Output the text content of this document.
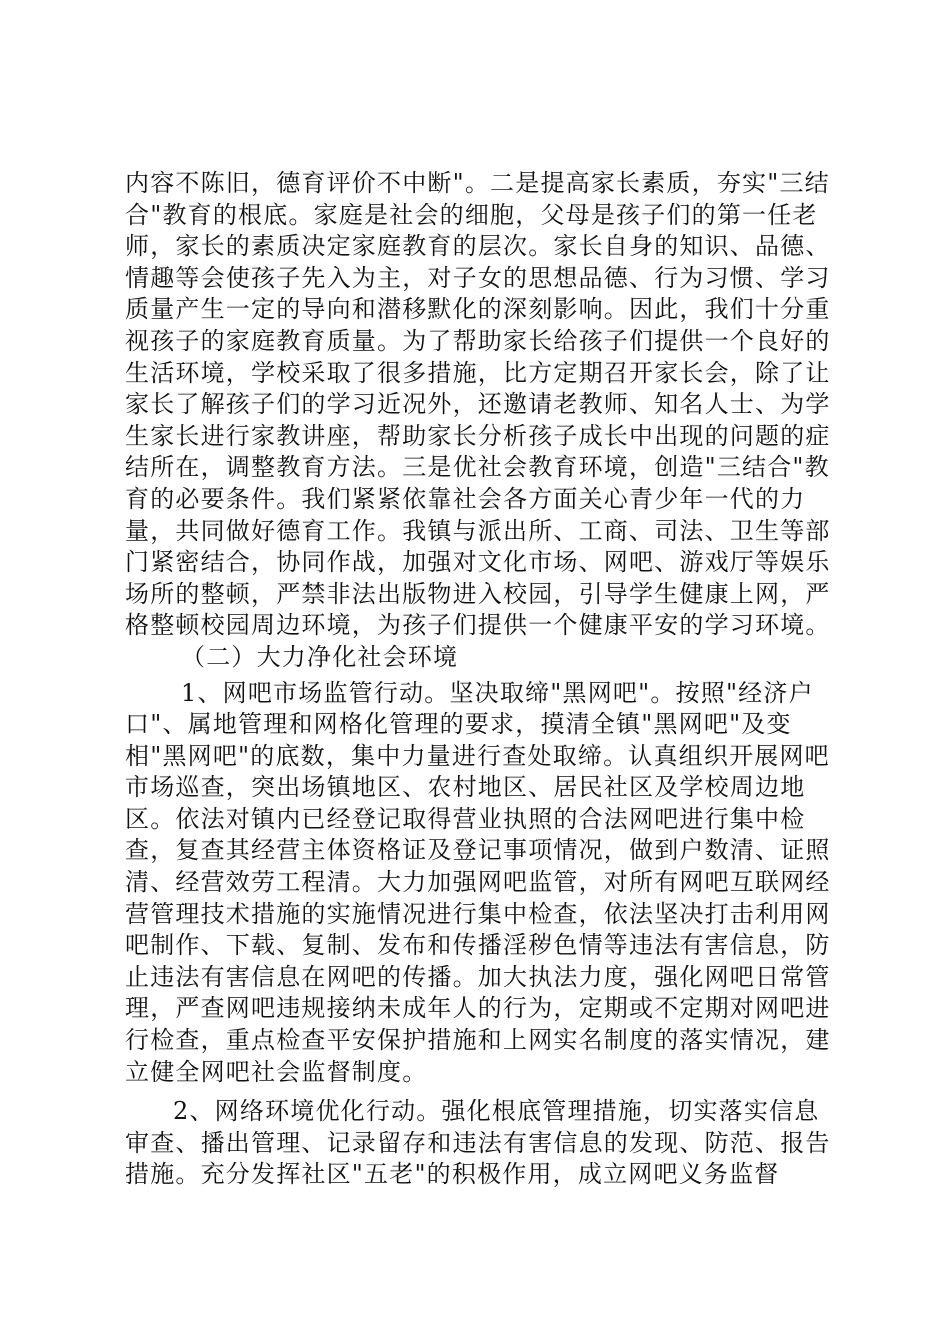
内容不陈旧，德育评价不中断"。二是提高家长素质，夯实"三结合"教育的根底。家庭是社会的细胞，父母是孩子们的第一任老师，家长的素质决定家庭教育的层次。家长自身的知识、品德、情趣等会使孩子先入为主，对子女的思想品德、行为习惯、学习质量产生一定的导向和潜移默化的深刻影响。因此，我们十分重视孩子的家庭教育质量。为了帮助家长给孩子们提供一个良好的生活环境，学校采取了很多措施，比方定期召开家长会，除了让家长了解孩子们的学习近况外，还邀请老教师、知名人士、为学生家长进行家教讲座，帮助家长分析孩子成长中出现的问题的症结所在，调整教育方法。三是优社会教育环境，创造"三结合"教育的必要条件。我们紧紧依靠社会各方面关心青少年一代的力量，共同做好德育工作。我镇与派出所、工商、司法、卫生等部门紧密结合，协同作战，加强对文化市场、网吧、游戏厅等娱乐场所的整顿，严禁非法出版物进入校园，引导学生健康上网，严格整顿校园周边环境，为孩子们提供一个健康平安的学习环境。

（二）大力净化社会环境

1、网吧市场监管行动。坚决取缔"黑网吧"。按照"经济户口"、属地管理和网格化管理的要求，摸清全镇"黑网吧"及变相"黑网吧"的底数，集中力量进行查处取缔。认真组织开展网吧市场巡查，突出场镇地区、农村地区、居民社区及学校周边地区。依法对镇内已经登记取得营业执照的合法网吧进行集中检查，复查其经营主体资格证及登记事项情况，做到户数清、证照清、经营效劳工程清。大力加强网吧监管，对所有网吧互联网经营管理技术措施的实施情况进行集中检查，依法坚决打击利用网吧制作、下载、复制、发布和传播淫秽色情等违法有害信息，防止违法有害信息在网吧的传播。加大执法力度，强化网吧日常管理，严查网吧违规接纳未成年人的行为，定期或不定期对网吧进行检查，重点检查平安保护措施和上网实名制度的落实情况，建立健全网吧社会监督制度。

2、网络环境优化行动。强化根底管理措施，切实落实信息审查、播出管理、记录留存和违法有害信息的发现、防范、报告措施。充分发挥社区"五老"的积极作用，成立网吧义务监督
